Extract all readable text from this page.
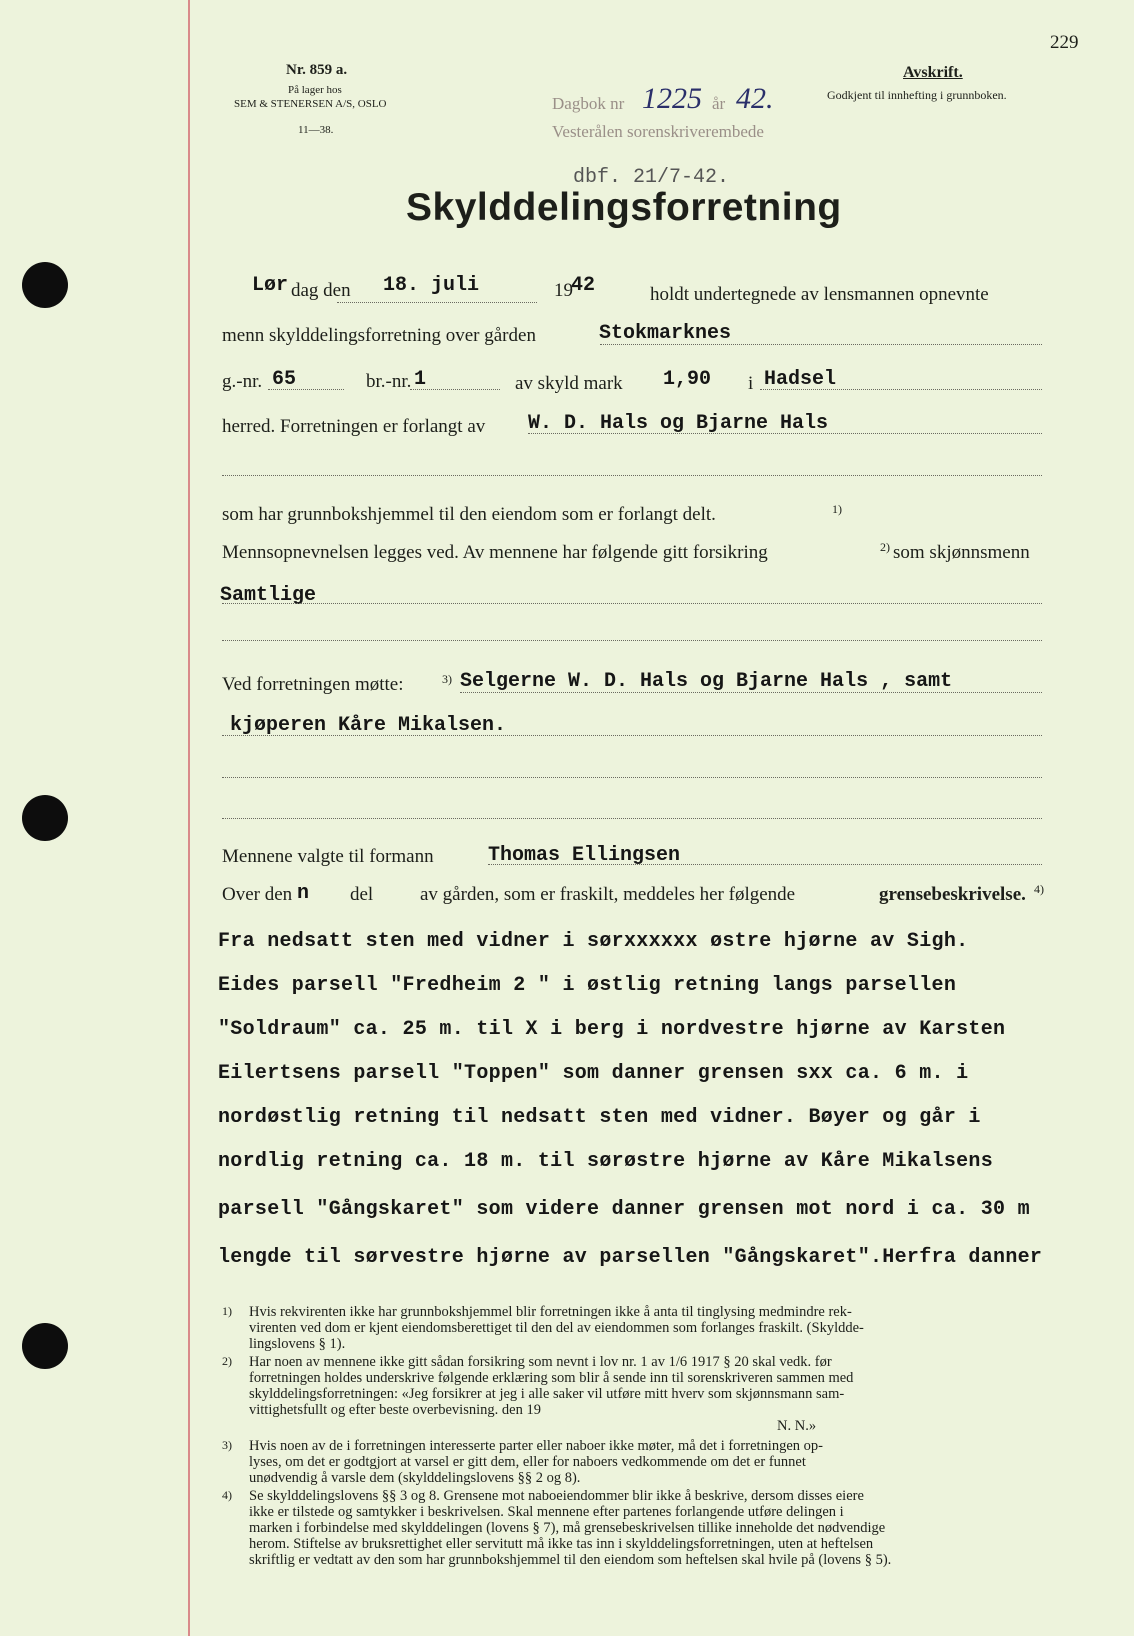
229
Nr. 859 a.
På lager hos
SEM & STENERSEN A/S, OSLO
11—38.
Dagbok nr 1225 år 42.
Vesterålen sorenskriverembede
Avskrift.
Godkjent til innhefting i grunnboken.
dbf. 21/7-42.
Skylddelingsforretning
Lør dag den 18. juli	19
42	holdt undertegnede av lensmannen opnevnte
menn skylddelingsforretning over gården	Stokmarknes
g.-nr. 65	br.-nr. 1	av skyld mark 1,90 i Hadsel
herred. Forretningen er forlangt av W. D. Hals og Bjarne Hals
som har grunnbokshjemmel til den eiendom som er forlangt delt.	1)
Mennsopnevnelsen legges ved. Av mennene har følgende gitt forsikring	2) som skjønnsmenn
Samtlige
Ved forretningen møtte:	3) Selgerne W. D. Hals og Bjarne Hals , samt
kjøperen Kåre Mikalsen.
Mennene valgte til formann	Thomas Ellingsen
Over den n del av gården, som er fraskilt, meddeles her følgende	grensebeskrivelse. 4)
Fra nedsatt sten med vidner i sørxxxxxx østre hjørne av Sigh.
Eides parsell "Fredheim 2 " i østlig retning langs parsellen
"Soldraum" ca. 25 m. til X i berg i nordvestre hjørne av Karsten
Eilertsens parsell "Toppen" som danner grensen sxx ca. 6 m. i
nordøstlig retning til nedsatt sten med vidner. Bøyer og går i
nordlig retning ca. 18 m. til sørøstre hjørne av Kåre Mikalsens
parsell "Gångskaret" som videre danner grensen mot nord i ca. 30 m
lengde til sørvestre hjørne av parsellen "Gångskaret".Herfra danner
1) Hvis rekvirenten ikke har grunnbokshjemmel blir forretningen ikke å anta til tinglysing medmindre rek-
virenten ved dom er kjent eiendomsberettiget til den del av eiendommen som forlanges fraskilt. (Skyldde-
lingslovens § 1).
2) Har noen av mennene ikke gitt sådan forsikring som nevnt i lov nr. 1 av 1/6 1917 § 20 skal vedk. før
forretningen holdes underskrive følgende erklæring som blir å sende inn til sorenskriveren sammen med
skylddelingsforretningen: «Jeg forsikrer at jeg i alle saker vil utføre mitt hverv som skjønnsmann sam-
vittighetsfullt og efter beste overbevisning. den 19
N. N.»
3) Hvis noen av de i forretningen interesserte parter eller naboer ikke møter, må det i forretningen op-
lyses, om det er godtgjort at varsel er gitt dem, eller for naboers vedkommende om det er funnet
unødvendig å varsle dem (skylddelingslovens §§ 2 og 8).
4) Se skylddelingslovens §§ 3 og 8. Grensene mot naboeiendommer blir ikke å beskrive, dersom disses eiere
ikke er tilstede og samtykker i beskrivelsen. Skal mennene efter partenes forlangende utføre delingen i
marken i forbindelse med skylddelingen (lovens § 7), må grensebeskrivelsen tillike inneholde det nødvendige
herom. Stiftelse av bruksrettighet eller servitutt må ikke tas inn i skylddelingsforretningen, uten at heftelsen
skriftlig er vedtatt av den som har grunnbokshjemmel til den eiendom som heftelsen skal hvile på (lovens § 5).
